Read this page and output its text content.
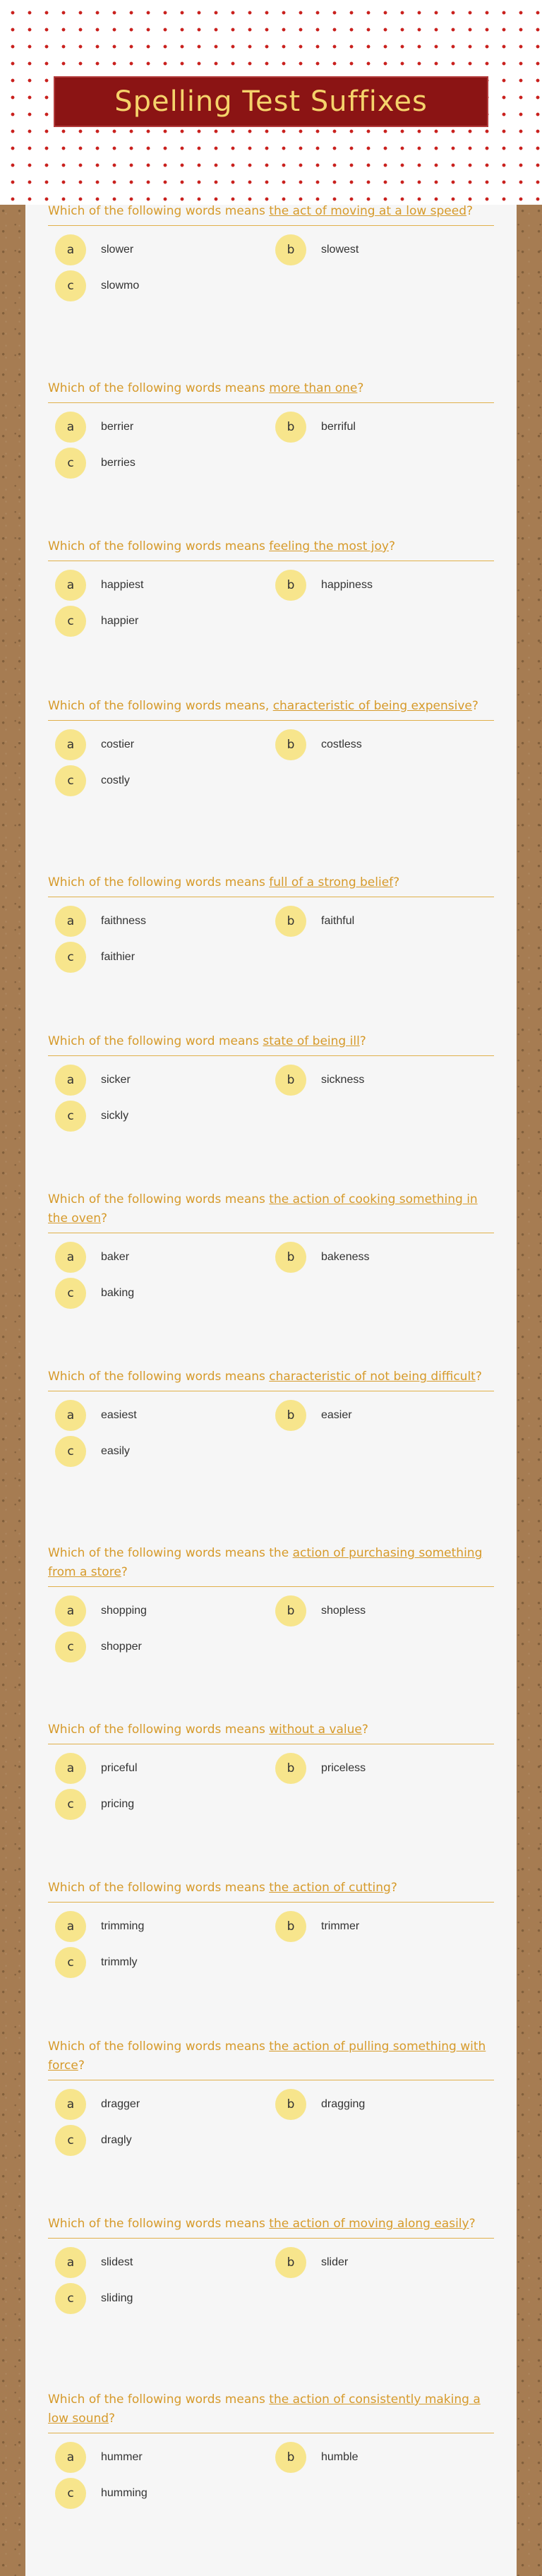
Spelling Test Suffixes

Which of the following words means the act of moving at a low speed?

a	slower	b	slowest
c	slowmo

Which of the following words means more than one?

a	berrier	b	berriful
c	berries

Which of the following words means feeling the most joy?

a	happiest	b	happiness
c	happier

Which of the following words means, characteristic of being expensive?

a	costier	b	costless
c	costly

Which of the following words means full of a strong belief?

a	faithness	b	faithful
c	faithier

Which of the following word means state of being ill?

a	sicker	b	sickness
c	sickly

Which of the following words means the action of cooking something in the oven?

a	baker	b	bakeness
c	baking

Which of the following words means characteristic of not being difficult?

a	easiest	b	easier
c	easily

Which of the following words means the action of purchasing something from a store?

a	shopping	b	shopless
c	shopper

Which of the following words means without a value?

a	priceful	b	priceless
c	pricing

Which of the following words means the action of cutting?

a	trimming	b	trimmer
c	trimmly

Which of the following words means the action of pulling something with force?

a	dragger	b	dragging
c	dragly

Which of the following words means the action of moving along easily?

a	slidest	b	slider
c	sliding

Which of the following words means the action of consistently making a low sound?

a	hummer	b	humble
c	humming
